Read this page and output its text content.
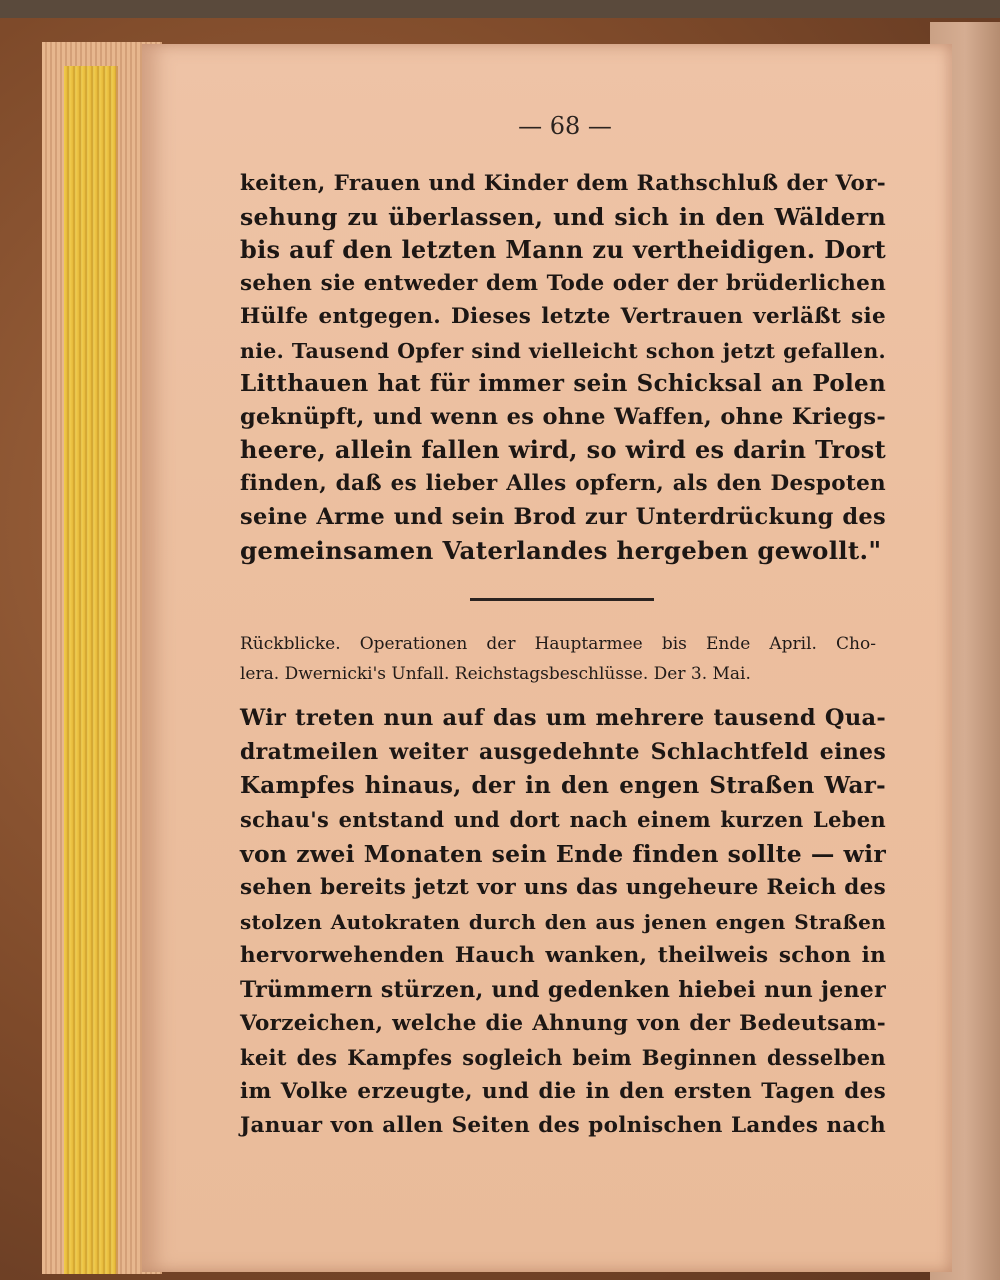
— 68 —
keiten, Frauen und Kinder dem Rathschluß der Vor-
sehung zu überlassen, und sich in den Wäldern
bis auf den letzten Mann zu vertheidigen. Dort
sehen sie entweder dem Tode oder der brüderlichen
Hülfe entgegen. Dieses letzte Vertrauen verläßt sie
nie. Tausend Opfer sind vielleicht schon jetzt gefallen.
Litthauen hat für immer sein Schicksal an Polen
geknüpft, und wenn es ohne Waffen, ohne Kriegs-
heere, allein fallen wird, so wird es darin Trost
finden, daß es lieber Alles opfern, als den Despoten
seine Arme und sein Brod zur Unterdrückung des
gemeinsamen Vaterlandes hergeben gewollt."
Rückblicke. Operationen der Hauptarmee bis Ende April. Cho-
lera. Dwernicki's Unfall. Reichstagsbeschlüsse. Der 3. Mai.
Wir treten nun auf das um mehrere tausend Qua-
dratmeilen weiter ausgedehnte Schlachtfeld eines
Kampfes hinaus, der in den engen Straßen War-
schau's entstand und dort nach einem kurzen Leben
von zwei Monaten sein Ende finden sollte — wir
sehen bereits jetzt vor uns das ungeheure Reich des
stolzen Autokraten durch den aus jenen engen Straßen
hervorwehenden Hauch wanken, theilweis schon in
Trümmern stürzen, und gedenken hiebei nun jener
Vorzeichen, welche die Ahnung von der Bedeutsam-
keit des Kampfes sogleich beim Beginnen desselben
im Volke erzeugte, und die in den ersten Tagen des
Januar von allen Seiten des polnischen Landes nach
